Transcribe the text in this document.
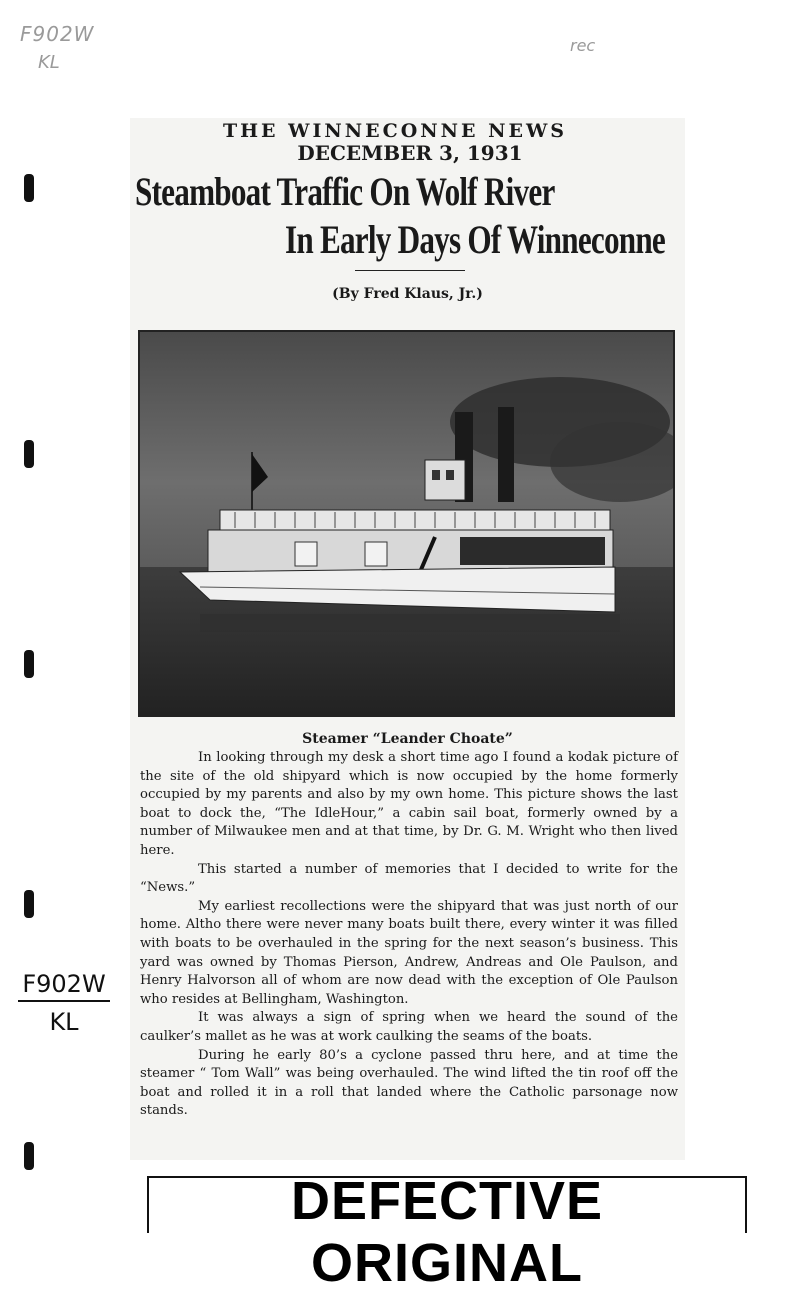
F902W
KL
rec
F902W
KL
THE WINNECONNE NEWS
DECEMBER 3, 1931
Steamboat Traffic On Wolf River
In Early Days Of Winneconne
(By Fred Klaus, Jr.)
Steamer “Leander Choate”

In looking through my desk a short time ago I found a kodak picture of the site of the old shipyard which is now occupied by the home formerly occupied by my parents and also by my own home. This picture shows the last boat to dock the, “The IdleHour,” a cabin sail boat, formerly owned by a number of Milwaukee men and at that time, by Dr. G. M. Wright who then lived here.

This started a number of memories that I decided to write for the “News.”

My earliest recollections were the shipyard that was just north of our home. Altho there were never many boats built there, every winter it was filled with boats to be overhauled in the spring for the next season’s business. This yard was owned by Thomas Pierson, Andrew, Andreas and Ole Paulson, and Henry Halvorson all of whom are now dead with the exception of Ole Paulson who resides at Bellingham, Washington.

It was always a sign of spring when we heard the sound of the caulker’s mallet as he was at work caulking the seams of the boats.

During he early 80’s a cyclone passed thru here, and at time the steamer “ Tom Wall” was being overhauled. The wind lifted the tin roof off the boat and rolled it in a roll that landed where the Catholic parsonage now stands.

DEFECTIVE ORIGINAL
